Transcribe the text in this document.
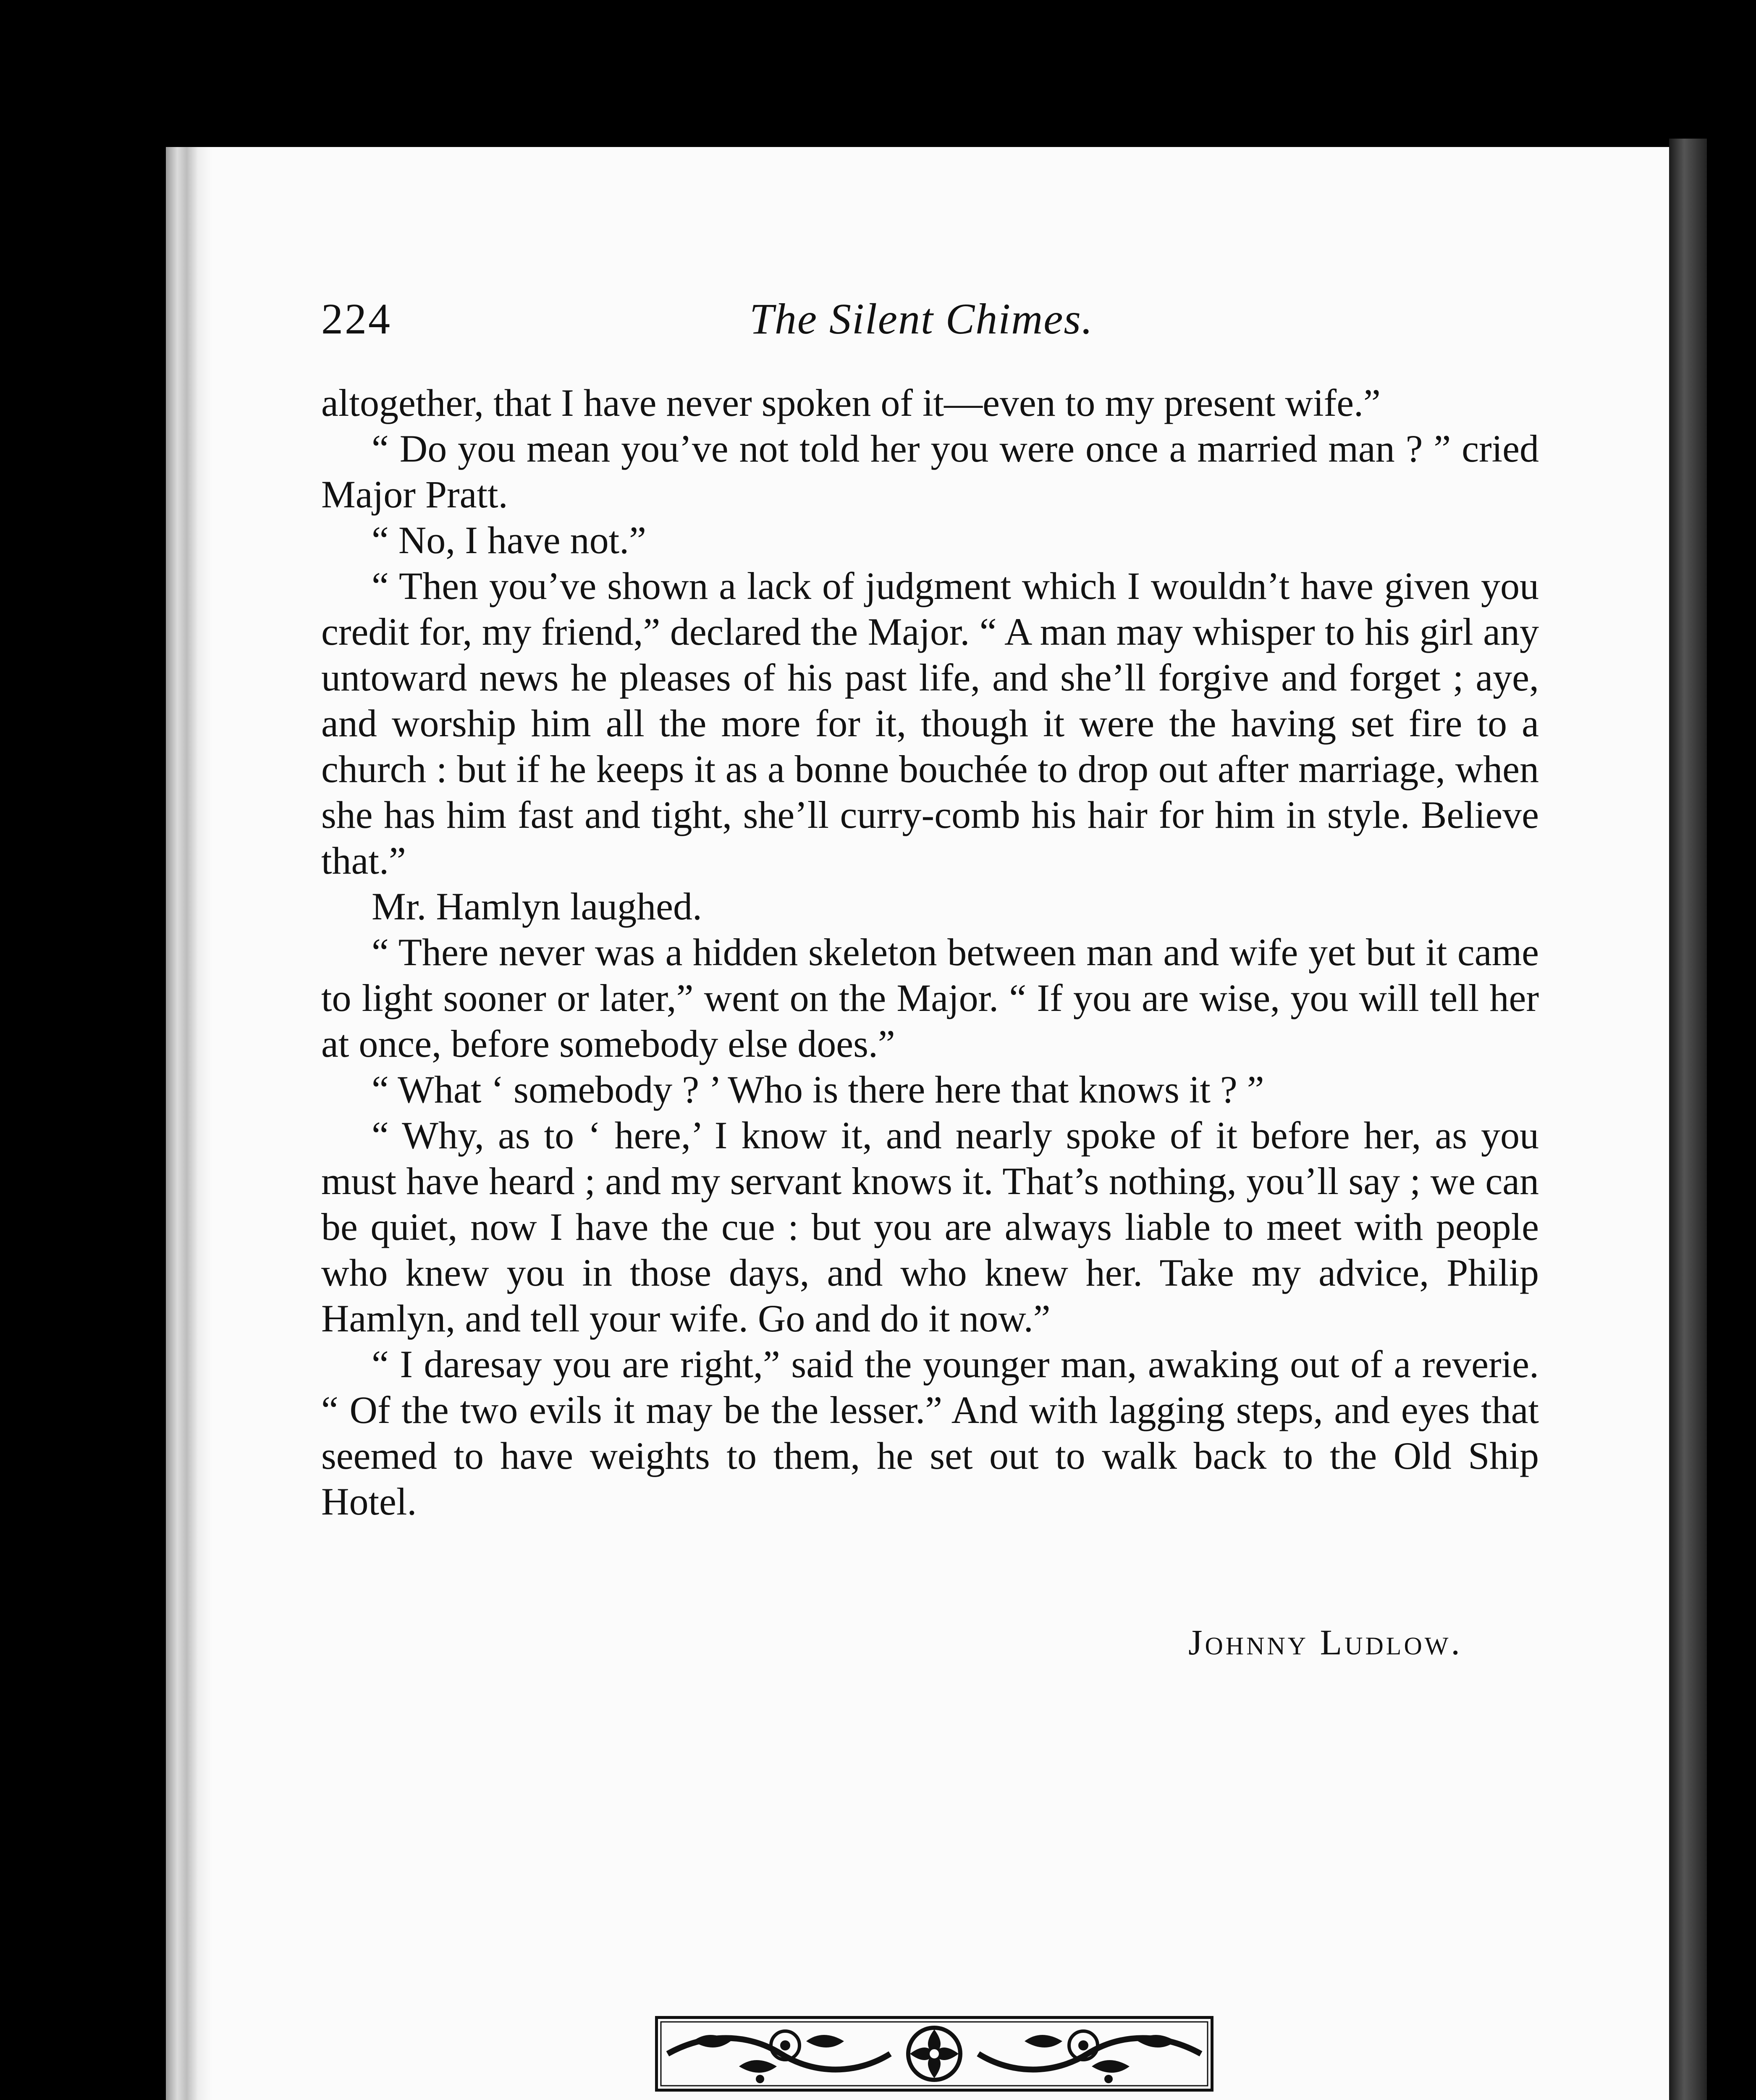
224	The Silent Chimes.

altogether, that I have never spoken of it—even to my present wife.”

“ Do you mean you’ve not told her you were once a married man ? ” cried Major Pratt.

“ No, I have not.”

“ Then you’ve shown a lack of judgment which I wouldn’t have given you credit for, my friend,” declared the Major. “ A man may whisper to his girl any untoward news he pleases of his past life, and she’ll forgive and forget ; aye, and worship him all the more for it, though it were the having set fire to a church : but if he keeps it as a bonne bouchée to drop out after marriage, when she has him fast and tight, she’ll curry-comb his hair for him in style. Believe that.”

Mr. Hamlyn laughed.

“ There never was a hidden skeleton between man and wife yet but it came to light sooner or later,” went on the Major. “ If you are wise, you will tell her at once, before somebody else does.”

“ What ‘ somebody ? ’ Who is there here that knows it ? ”

“ Why, as to ‘ here,’ I know it, and nearly spoke of it before her, as you must have heard ; and my servant knows it. That’s nothing, you’ll say ; we can be quiet, now I have the cue : but you are always liable to meet with people who knew you in those days, and who knew her. Take my advice, Philip Hamlyn, and tell your wife. Go and do it now.”

“ I daresay you are right,” said the younger man, awaking out of a reverie. “ Of the two evils it may be the lesser.” And with lagging steps, and eyes that seemed to have weights to them, he set out to walk back to the Old Ship Hotel.

Johnny Ludlow.
